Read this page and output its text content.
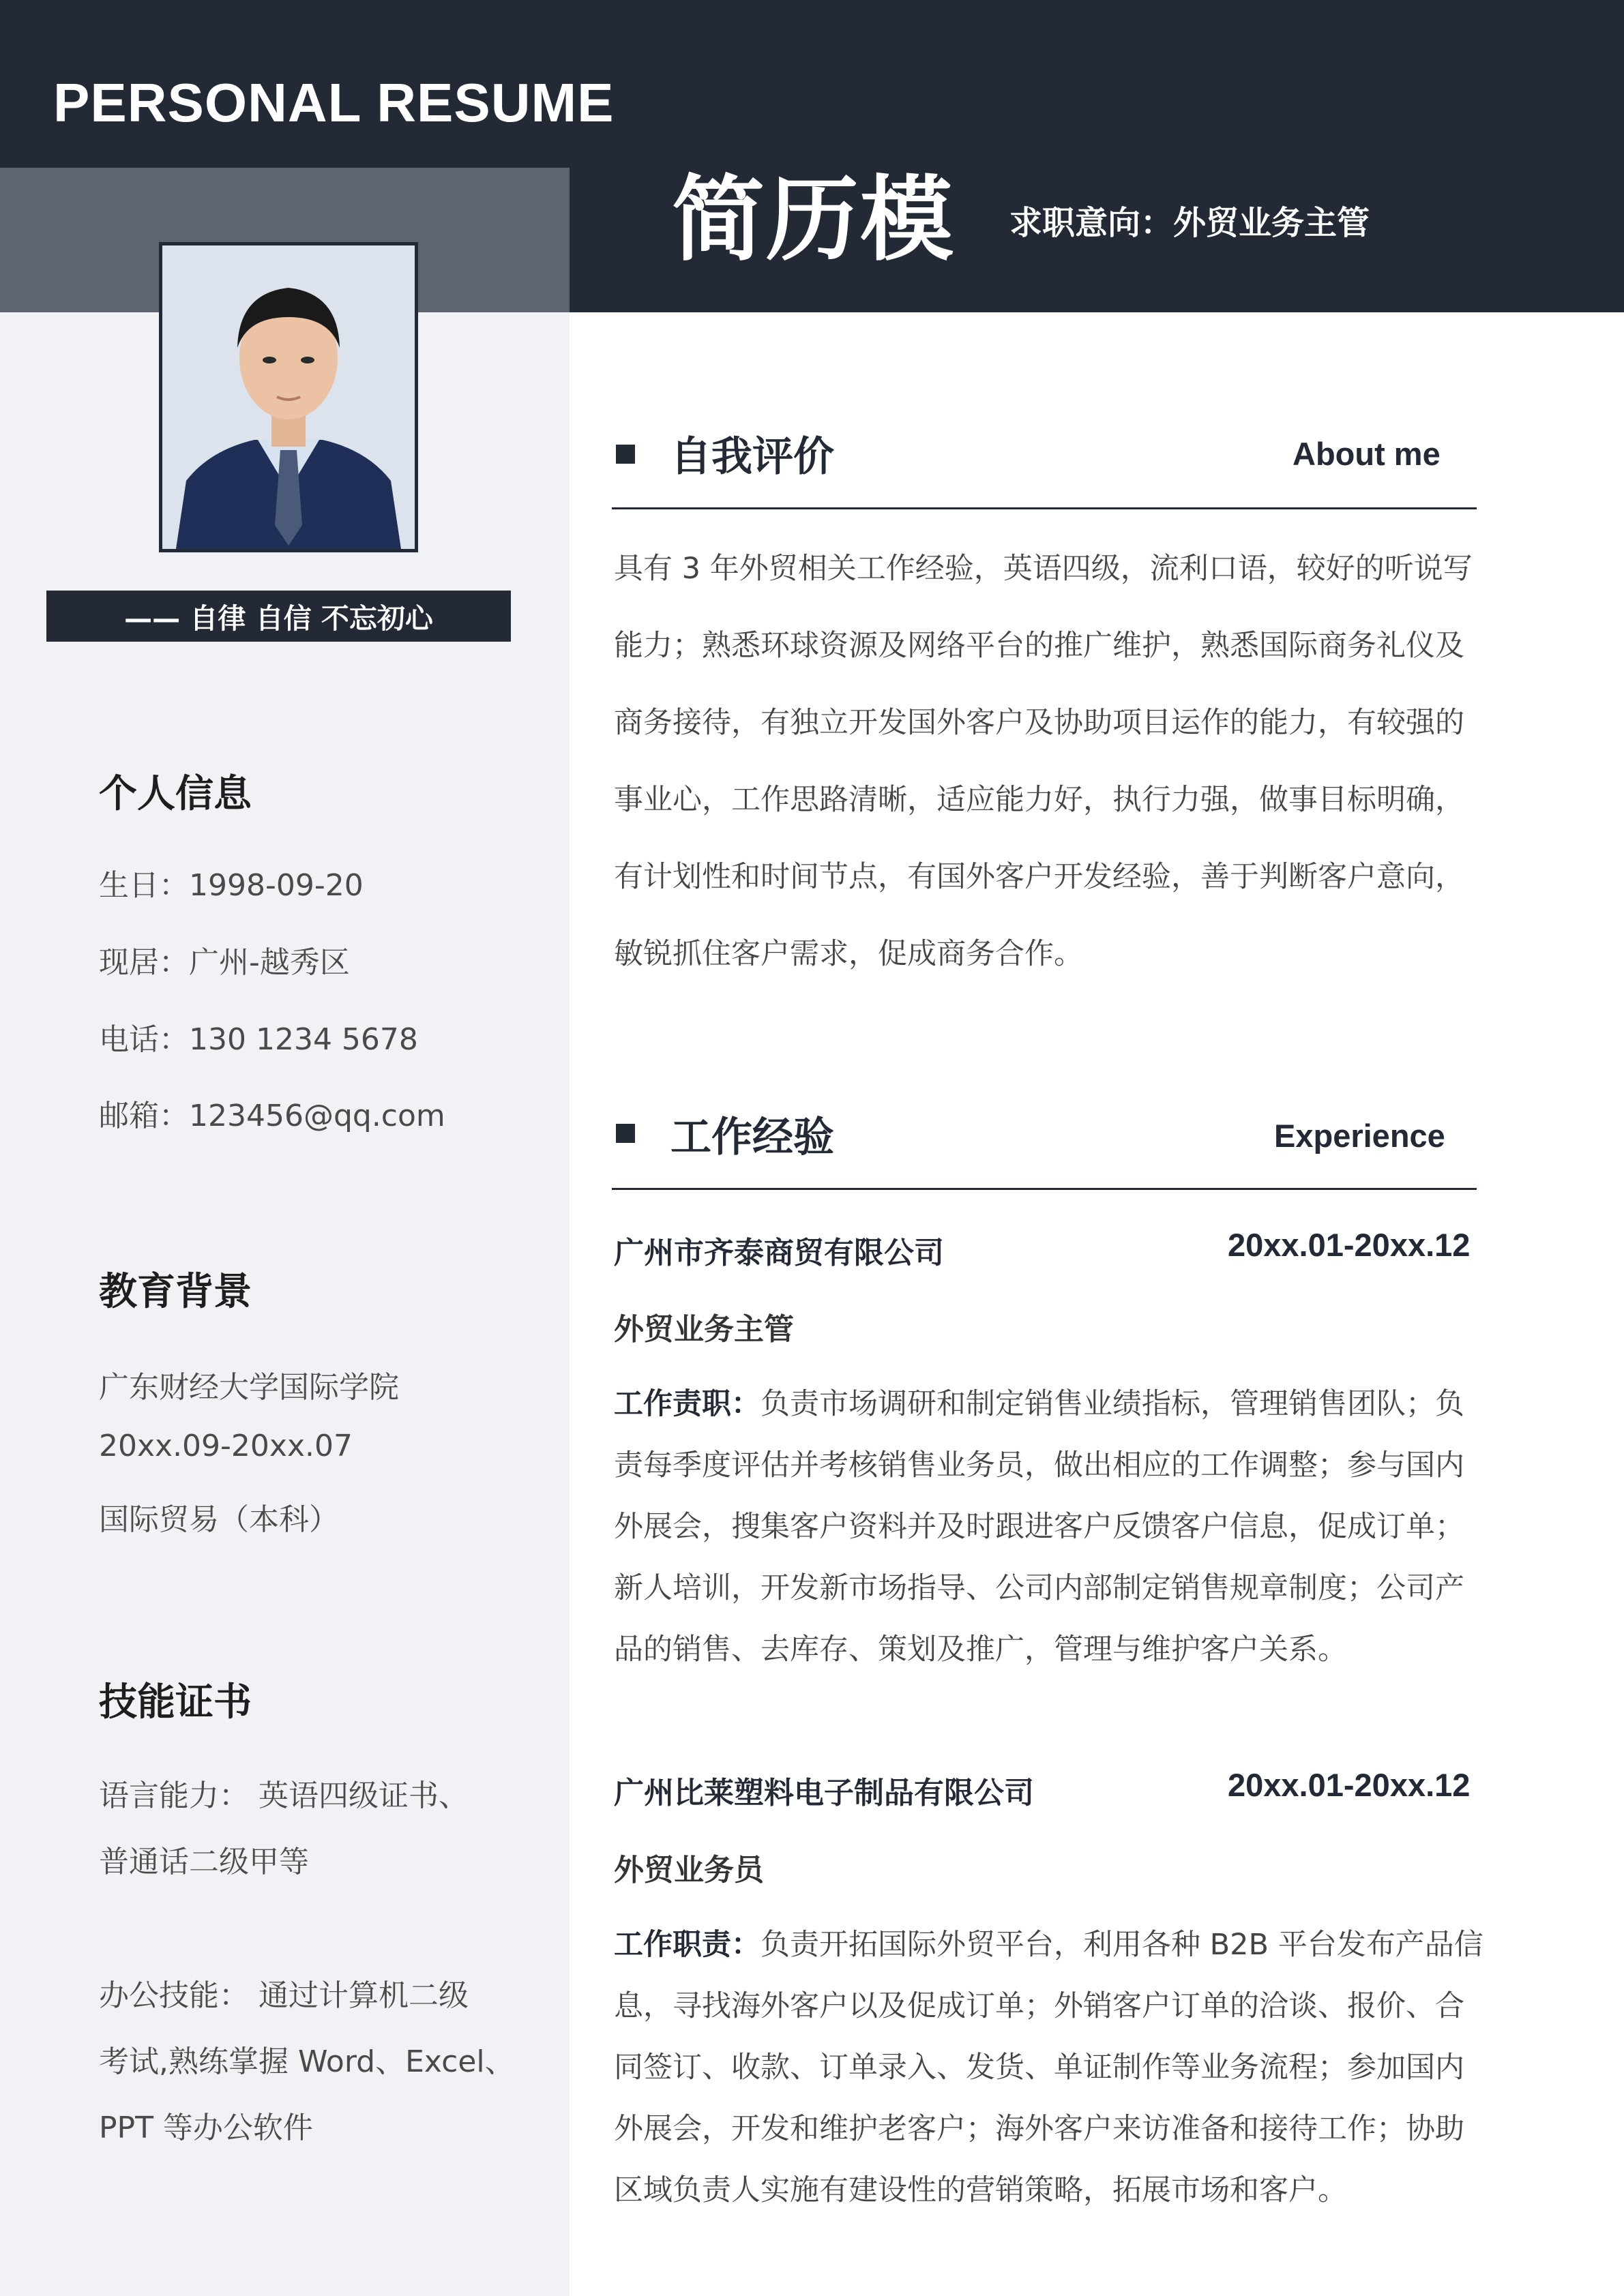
PERSONAL RESUME
简历模 求职意向：外贸业务主管
—— 自律 自信 不忘初心
个人信息
生日：1998-09-20
现居：广州-越秀区
电话：130 1234 5678
邮箱：123456@qq.com
教育背景
广东财经大学国际学院
20xx.09-20xx.07
国际贸易（本科）
技能证书
语言能力： 英语四级证书、
普通话二级甲等
办公技能： 通过计算机二级
考试,熟练掌握 Word、Excel、
PPT 等办公软件
自我评价	About me
具有 3 年外贸相关工作经验，英语四级，流利口语，较好的听说写
能力；熟悉环球资源及网络平台的推广维护，熟悉国际商务礼仪及
商务接待，有独立开发国外客户及协助项目运作的能力，有较强的
事业心，工作思路清晰，适应能力好，执行力强，做事目标明确，
有计划性和时间节点，有国外客户开发经验，善于判断客户意向，
敏锐抓住客户需求，促成商务合作。
工作经验	Experience
广州市齐泰商贸有限公司	20xx.01-20xx.12
外贸业务主管
工作责职：负责市场调研和制定销售业绩指标，管理销售团队；负
责每季度评估并考核销售业务员，做出相应的工作调整；参与国内
外展会，搜集客户资料并及时跟进客户反馈客户信息，促成订单；
新人培训，开发新市场指导、公司内部制定销售规章制度；公司产
品的销售、去库存、策划及推广，管理与维护客户关系。
广州比莱塑料电子制品有限公司	20xx.01-20xx.12
外贸业务员
工作职责：负责开拓国际外贸平台，利用各种 B2B 平台发布产品信
息，寻找海外客户以及促成订单；外销客户订单的洽谈、报价、合
同签订、收款、订单录入、发货、单证制作等业务流程；参加国内
外展会，开发和维护老客户；海外客户来访准备和接待工作；协助
区域负责人实施有建设性的营销策略，拓展市场和客户。
